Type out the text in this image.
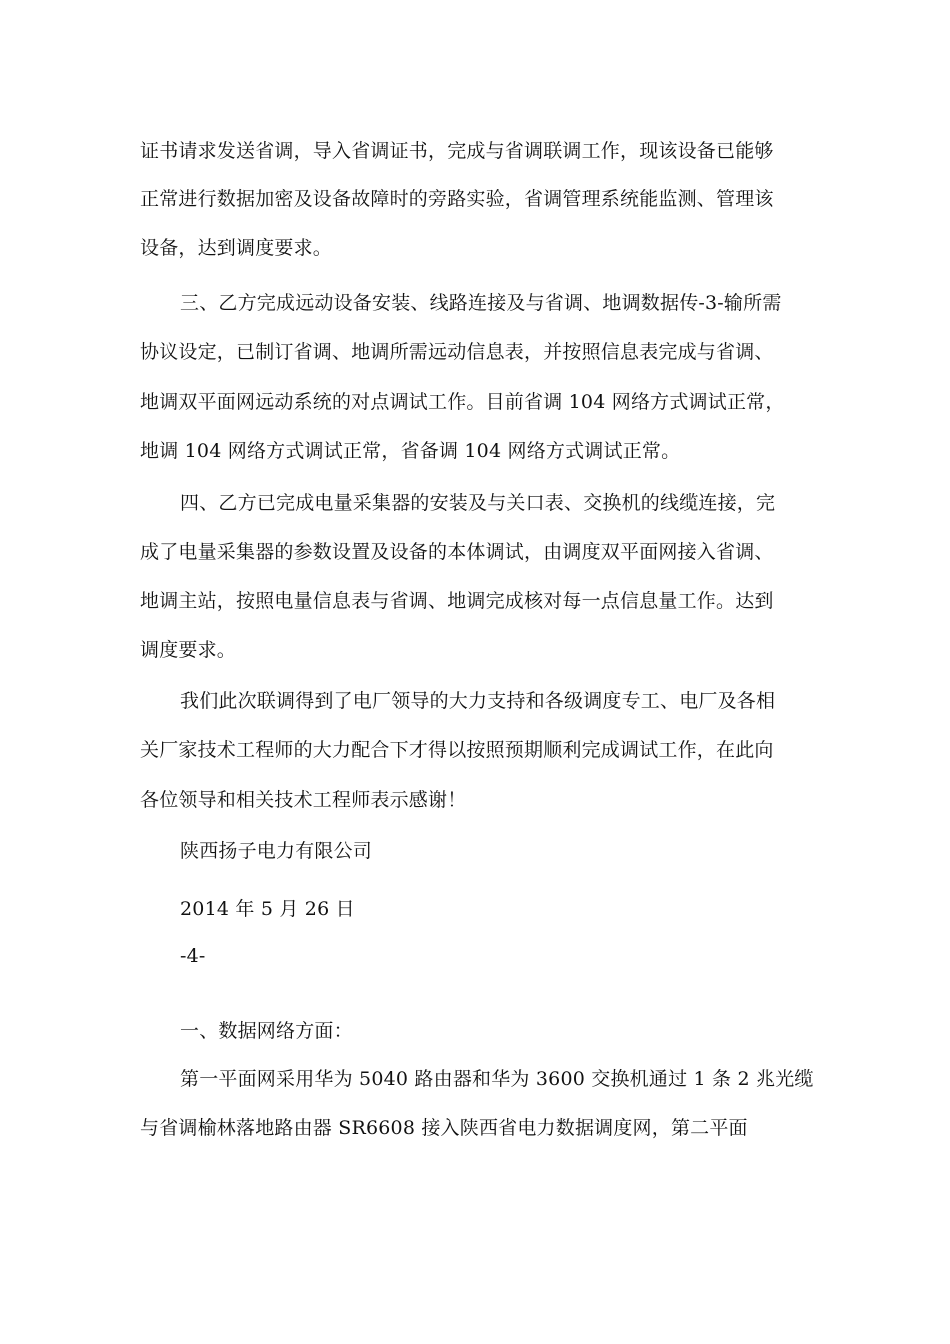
证书请求发送省调，导入省调证书，完成与省调联调工作，现该设备已能够
正常进行数据加密及设备故障时的旁路实验，省调管理系统能监测、管理该
设备，达到调度要求。
三、乙方完成远动设备安装、线路连接及与省调、地调数据传-3-输所需
协议设定，已制订省调、地调所需远动信息表，并按照信息表完成与省调、
地调双平面网远动系统的对点调试工作。目前省调 104 网络方式调试正常，
地调 104 网络方式调试正常，省备调 104 网络方式调试正常。
四、乙方已完成电量采集器的安装及与关口表、交换机的线缆连接，完
成了电量采集器的参数设置及设备的本体调试，由调度双平面网接入省调、
地调主站，按照电量信息表与省调、地调完成核对每一点信息量工作。达到
调度要求。
我们此次联调得到了电厂领导的大力支持和各级调度专工、电厂及各相
关厂家技术工程师的大力配合下才得以按照预期顺利完成调试工作，在此向
各位领导和相关技术工程师表示感谢！
陕西扬子电力有限公司
2014 年 5 月 26 日
-4-
一、数据网络方面：
第一平面网采用华为 5040 路由器和华为 3600 交换机通过 1 条 2 兆光缆
与省调榆林落地路由器 SR6608 接入陕西省电力数据调度网，第二平面
